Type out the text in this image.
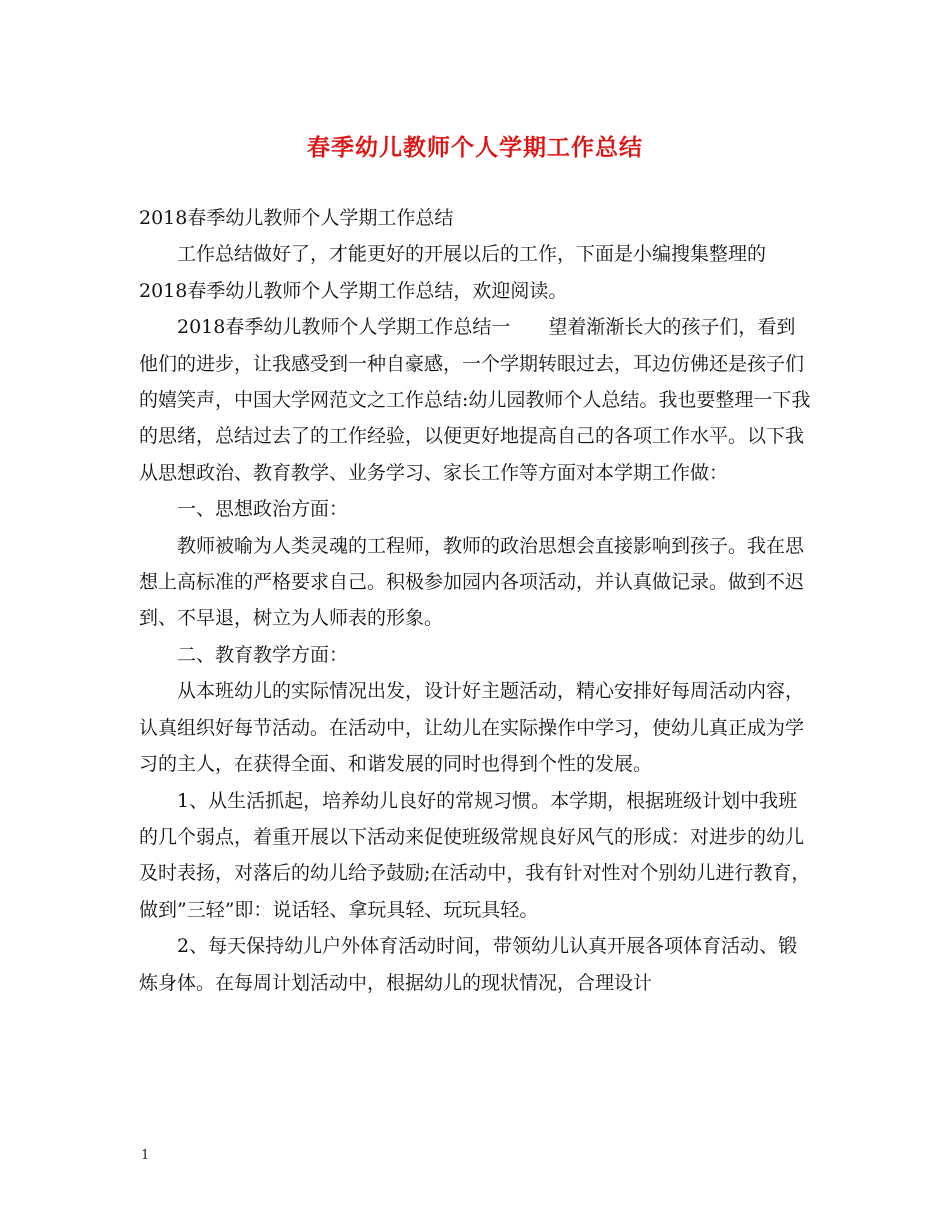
春季幼儿教师个人学期工作总结

2018春季幼儿教师个人学期工作总结

工作总结做好了，才能更好的开展以后的工作，下面是小编搜集整理的2018春季幼儿教师个人学期工作总结，欢迎阅读。

2018春季幼儿教师个人学期工作总结一　　望着渐渐长大的孩子们，看到他们的进步，让我感受到一种自豪感，一个学期转眼过去，耳边仿佛还是孩子们的嬉笑声，中国大学网范文之工作总结:幼儿园教师个人总结。我也要整理一下我的思绪，总结过去了的工作经验，以便更好地提高自己的各项工作水平。以下我从思想政治、教育教学、业务学习、家长工作等方面对本学期工作做：

一、思想政治方面：

教师被喻为人类灵魂的工程师，教师的政治思想会直接影响到孩子。我在思想上高标准的严格要求自己。积极参加园内各项活动，并认真做记录。做到不迟到、不早退，树立为人师表的形象。

二、教育教学方面：

从本班幼儿的实际情况出发，设计好主题活动，精心安排好每周活动内容，认真组织好每节活动。在活动中，让幼儿在实际操作中学习，使幼儿真正成为学习的主人，在获得全面、和谐发展的同时也得到个性的发展。

1、从生活抓起，培养幼儿良好的常规习惯。本学期，根据班级计划中我班的几个弱点，着重开展以下活动来促使班级常规良好风气的形成：对进步的幼儿及时表扬，对落后的幼儿给予鼓励;在活动中，我有针对性对个别幼儿进行教育，做到”三轻”即：说话轻、拿玩具轻、玩玩具轻。

2、每天保持幼儿户外体育活动时间，带领幼儿认真开展各项体育活动、锻炼身体。在每周计划活动中，根据幼儿的现状情况，合理设计

1
